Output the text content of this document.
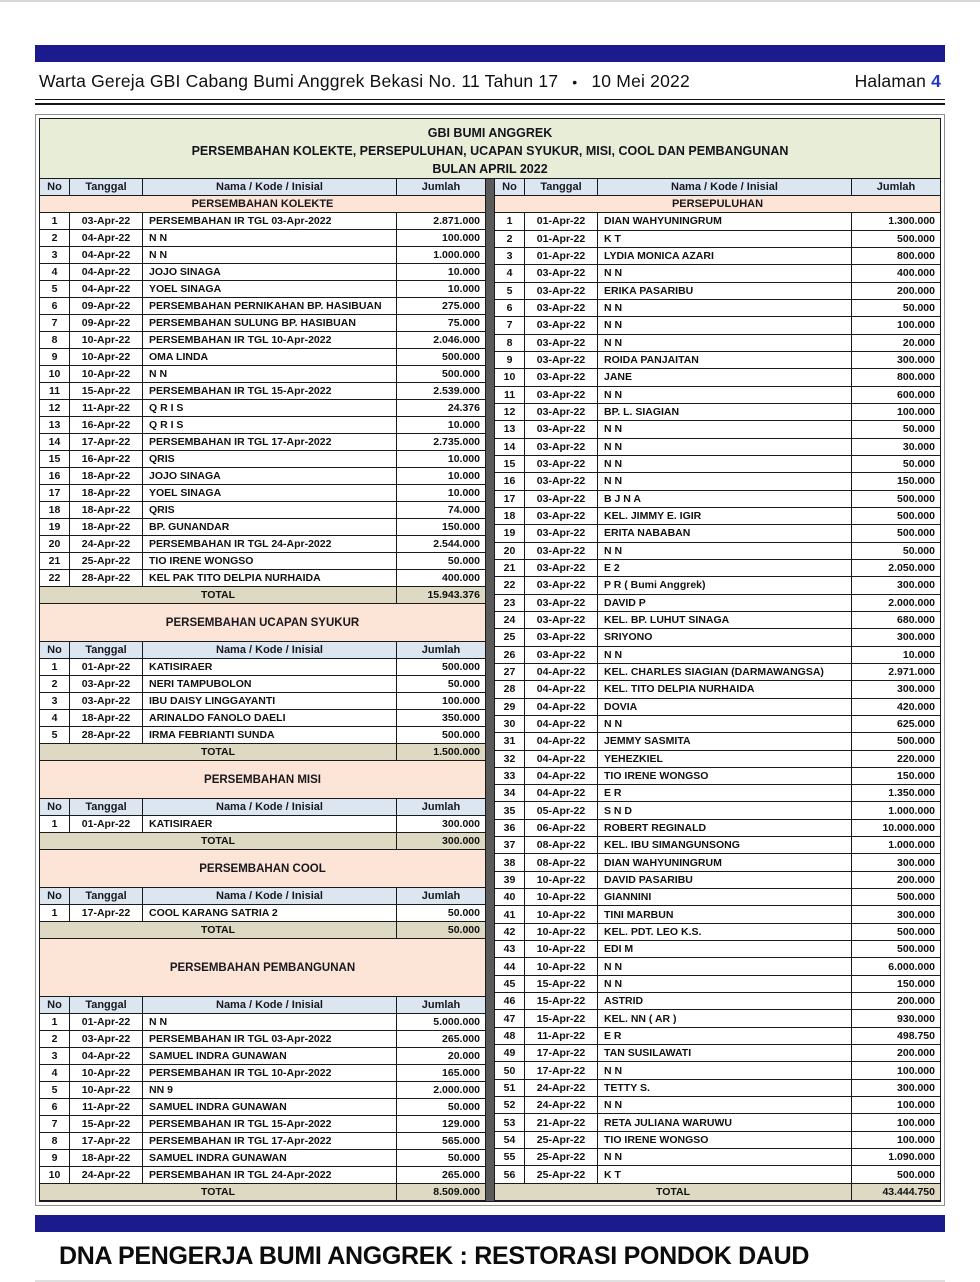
Warta Gereja GBI Cabang Bumi Anggrek Bekasi No. 11 Tahun 17 • 10 Mei 2022	Halaman 4
GBI BUMI ANGGREK
PERSEMBAHAN KOLEKTE, PERSEPULUHAN, UCAPAN SYUKUR, MISI, COOL DAN PEMBANGUNAN
BULAN APRIL 2022
No	Tanggal	Nama / Kode / Inisial	Jumlah
PERSEMBAHAN KOLEKTE
1	03-Apr-22	PERSEMBAHAN IR TGL 03-Apr-2022	2.871.000
2	04-Apr-22	N N	100.000
3	04-Apr-22	N N	1.000.000
4	04-Apr-22	JOJO SINAGA	10.000
5	04-Apr-22	YOEL SINAGA	10.000
6	09-Apr-22	PERSEMBAHAN PERNIKAHAN BP. HASIBUAN	275.000
7	09-Apr-22	PERSEMBAHAN SULUNG BP. HASIBUAN	75.000
8	10-Apr-22	PERSEMBAHAN IR TGL 10-Apr-2022	2.046.000
9	10-Apr-22	OMA LINDA	500.000
10	10-Apr-22	N N	500.000
11	15-Apr-22	PERSEMBAHAN IR TGL 15-Apr-2022	2.539.000
12	11-Apr-22	Q R I S	24.376
13	16-Apr-22	Q R I S	10.000
14	17-Apr-22	PERSEMBAHAN IR TGL 17-Apr-2022	2.735.000
15	16-Apr-22	QRIS	10.000
16	18-Apr-22	JOJO SINAGA	10.000
17	18-Apr-22	YOEL SINAGA	10.000
18	18-Apr-22	QRIS	74.000
19	18-Apr-22	BP. GUNANDAR	150.000
20	24-Apr-22	PERSEMBAHAN IR TGL 24-Apr-2022	2.544.000
21	25-Apr-22	TIO IRENE WONGSO	50.000
22	28-Apr-22	KEL PAK TITO DELPIA NURHAIDA	400.000
TOTAL	15.943.376
PERSEMBAHAN UCAPAN SYUKUR
No	Tanggal	Nama / Kode / Inisial	Jumlah
1	01-Apr-22	KATISIRAER	500.000
2	03-Apr-22	NERI TAMPUBOLON	50.000
3	03-Apr-22	IBU DAISY LINGGAYANTI	100.000
4	18-Apr-22	ARINALDO FANOLO DAELI	350.000
5	28-Apr-22	IRMA FEBRIANTI SUNDA	500.000
TOTAL	1.500.000
PERSEMBAHAN MISI
No	Tanggal	Nama / Kode / Inisial	Jumlah
1	01-Apr-22	KATISIRAER	300.000
TOTAL	300.000
PERSEMBAHAN COOL
No	Tanggal	Nama / Kode / Inisial	Jumlah
1	17-Apr-22	COOL KARANG SATRIA 2	50.000
TOTAL	50.000
PERSEMBAHAN PEMBANGUNAN
No	Tanggal	Nama / Kode / Inisial	Jumlah
1	01-Apr-22	N N	5.000.000
2	03-Apr-22	PERSEMBAHAN IR TGL 03-Apr-2022	265.000
3	04-Apr-22	SAMUEL INDRA GUNAWAN	20.000
4	10-Apr-22	PERSEMBAHAN IR TGL 10-Apr-2022	165.000
5	10-Apr-22	NN 9	2.000.000
6	11-Apr-22	SAMUEL INDRA GUNAWAN	50.000
7	15-Apr-22	PERSEMBAHAN IR TGL 15-Apr-2022	129.000
8	17-Apr-22	PERSEMBAHAN IR TGL 17-Apr-2022	565.000
9	18-Apr-22	SAMUEL INDRA GUNAWAN	50.000
10	24-Apr-22	PERSEMBAHAN IR TGL 24-Apr-2022	265.000
TOTAL	8.509.000
No	Tanggal	Nama / Kode / Inisial	Jumlah
PERSEPULUHAN
1	01-Apr-22	DIAN WAHYUNINGRUM	1.300.000
2	01-Apr-22	K T	500.000
3	01-Apr-22	LYDIA MONICA AZARI	800.000
4	03-Apr-22	N N	400.000
5	03-Apr-22	ERIKA PASARIBU	200.000
6	03-Apr-22	N N	50.000
7	03-Apr-22	N N	100.000
8	03-Apr-22	N N	20.000
9	03-Apr-22	ROIDA PANJAITAN	300.000
10	03-Apr-22	JANE	800.000
11	03-Apr-22	N N	600.000
12	03-Apr-22	BP. L. SIAGIAN	100.000
13	03-Apr-22	N N	50.000
14	03-Apr-22	N N	30.000
15	03-Apr-22	N N	50.000
16	03-Apr-22	N N	150.000
17	03-Apr-22	B J N A	500.000
18	03-Apr-22	KEL. JIMMY E. IGIR	500.000
19	03-Apr-22	ERITA NABABAN	500.000
20	03-Apr-22	N N	50.000
21	03-Apr-22	E 2	2.050.000
22	03-Apr-22	P R ( Bumi Anggrek)	300.000
23	03-Apr-22	DAVID P	2.000.000
24	03-Apr-22	KEL. BP. LUHUT SINAGA	680.000
25	03-Apr-22	SRIYONO	300.000
26	03-Apr-22	N N	10.000
27	04-Apr-22	KEL. CHARLES SIAGIAN (DARMAWANGSA)	2.971.000
28	04-Apr-22	KEL. TITO DELPIA NURHAIDA	300.000
29	04-Apr-22	DOVIA	420.000
30	04-Apr-22	N N	625.000
31	04-Apr-22	JEMMY SASMITA	500.000
32	04-Apr-22	YEHEZKIEL	220.000
33	04-Apr-22	TIO IRENE WONGSO	150.000
34	04-Apr-22	E R	1.350.000
35	05-Apr-22	S N D	1.000.000
36	06-Apr-22	ROBERT REGINALD	10.000.000
37	08-Apr-22	KEL. IBU SIMANGUNSONG	1.000.000
38	08-Apr-22	DIAN WAHYUNINGRUM	300.000
39	10-Apr-22	DAVID PASARIBU	200.000
40	10-Apr-22	GIANNINI	500.000
41	10-Apr-22	TINI MARBUN	300.000
42	10-Apr-22	KEL. PDT. LEO K.S.	500.000
43	10-Apr-22	EDI M	500.000
44	10-Apr-22	N N	6.000.000
45	15-Apr-22	N N	150.000
46	15-Apr-22	ASTRID	200.000
47	15-Apr-22	KEL. NN ( AR )	930.000
48	11-Apr-22	E R	498.750
49	17-Apr-22	TAN SUSILAWATI	200.000
50	17-Apr-22	N N	100.000
51	24-Apr-22	TETTY S.	300.000
52	24-Apr-22	N N	100.000
53	21-Apr-22	RETA JULIANA WARUWU	100.000
54	25-Apr-22	TIO IRENE WONGSO	100.000
55	25-Apr-22	N N	1.090.000
56	25-Apr-22	K T	500.000
TOTAL	43.444.750
DNA PENGERJA BUMI ANGGREK : RESTORASI PONDOK DAUD
